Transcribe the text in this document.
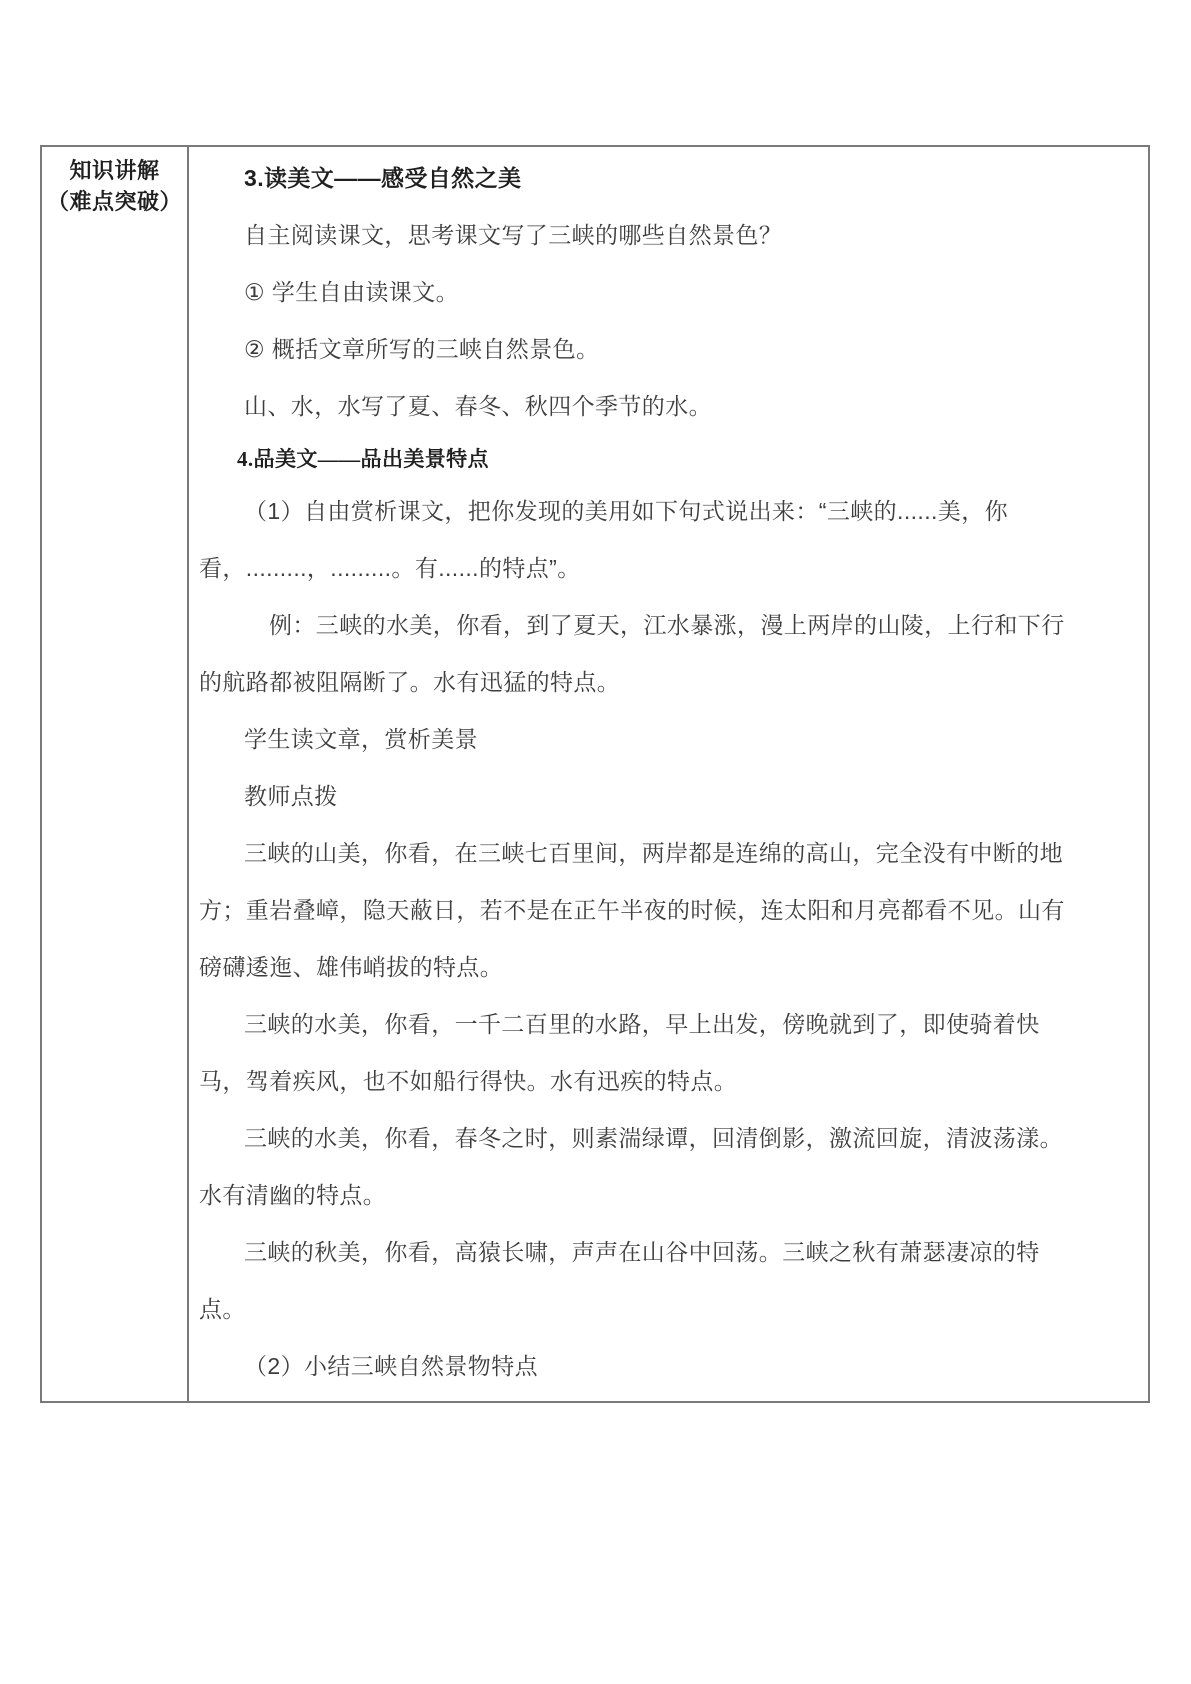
知识讲解
（难点突破）

3.读美文——感受自然之美

自主阅读课文，思考课文写了三峡的哪些自然景色？

① 学生自由读课文。

② 概括文章所写的三峡自然景色。

山、水，水写了夏、春冬、秋四个季节的水。

4.品美文——品出美景特点

（1）自由赏析课文，把你发现的美用如下句式说出来：“三峡的......美，你看，.........，.........。有......的特点”。

例：三峡的水美，你看，到了夏天，江水暴涨，漫上两岸的山陵，上行和下行的航路都被阻隔断了。水有迅猛的特点。

学生读文章，赏析美景

教师点拨

三峡的山美，你看，在三峡七百里间，两岸都是连绵的高山，完全没有中断的地方；重岩叠嶂，隐天蔽日，若不是在正午半夜的时候，连太阳和月亮都看不见。山有磅礴逶迤、雄伟峭拔的特点。

三峡的水美，你看，一千二百里的水路，早上出发，傍晚就到了，即使骑着快马，驾着疾风，也不如船行得快。水有迅疾的特点。

三峡的水美，你看，春冬之时，则素湍绿谭，回清倒影，激流回旋，清波荡漾。水有清幽的特点。

三峡的秋美，你看，高猿长啸，声声在山谷中回荡。三峡之秋有萧瑟凄凉的特点。

（2）小结三峡自然景物特点
